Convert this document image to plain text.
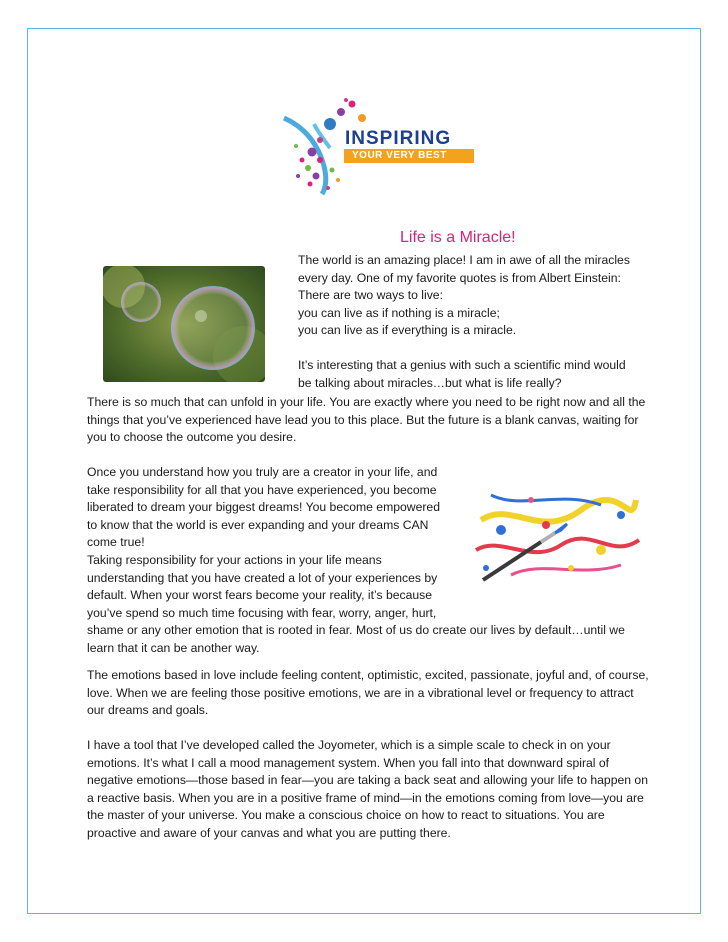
INSPIRING
YOUR VERY BEST
Life is a Miracle!
The world is an amazing place! I am in awe of all the miracles
every day. One of my favorite quotes is from Albert Einstein:
There are two ways to live:
you can live as if nothing is a miracle;
you can live as if everything is a miracle.
It’s interesting that a genius with such a scientific mind would
be talking about miracles…but what is life really?
There is so much that can unfold in your life. You are exactly where you need to be right now and all the
things that you’ve experienced have lead you to this place. But the future is a blank canvas, waiting for
you to choose the outcome you desire.
Once you understand how you truly are a creator in your life, and
take responsibility for all that you have experienced, you become
liberated to dream your biggest dreams! You become empowered
to know that the world is ever expanding and your dreams CAN
come true!
Taking responsibility for your actions in your life means
understanding that you have created a lot of your experiences by
default. When your worst fears become your reality, it’s because
you’ve spend so much time focusing with fear, worry, anger, hurt,
shame or any other emotion that is rooted in fear. Most of us do create our lives by default…until we
learn that it can be another way.
The emotions based in love include feeling content, optimistic, excited, passionate, joyful and, of course,
love. When we are feeling those positive emotions, we are in a vibrational level or frequency to attract
our dreams and goals.
I have a tool that I’ve developed called the Joyometer, which is a simple scale to check in on your
emotions. It’s what I call a mood management system. When you fall into that downward spiral of
negative emotions—those based in fear—you are taking a back seat and allowing your life to happen on
a reactive basis. When you are in a positive frame of mind—in the emotions coming from love—you are
the master of your universe. You make a conscious choice on how to react to situations. You are
proactive and aware of your canvas and what you are putting there.
